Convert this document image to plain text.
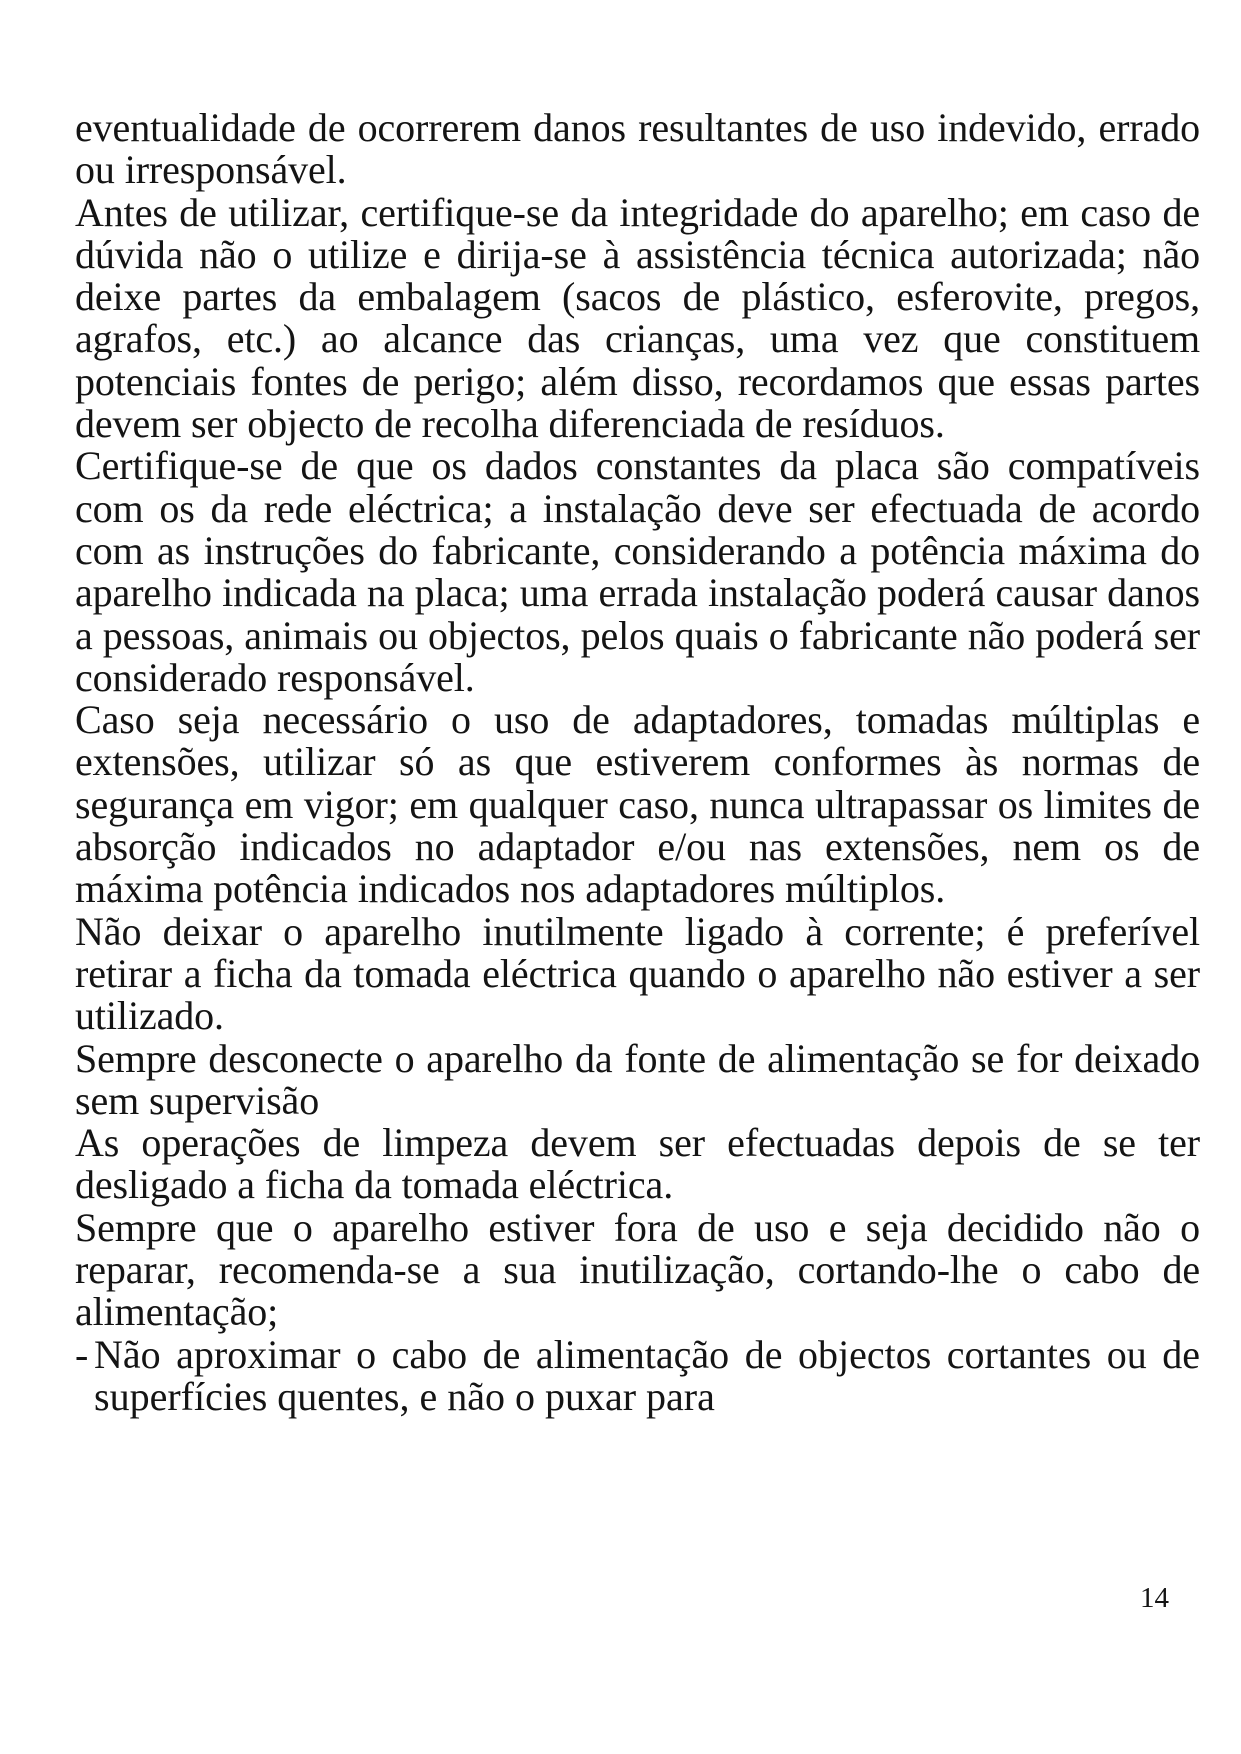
eventualidade de ocorrerem danos resultantes de uso indevido, errado ou irresponsável.

Antes de utilizar, certifique-se da integridade do aparelho; em caso de dúvida não o utilize e dirija-se à assistência técnica autorizada; não deixe partes da embalagem (sacos de plástico, esferovite, pregos, agrafos, etc.) ao alcance das crianças, uma vez que constituem potenciais fontes de perigo; além disso, recordamos que essas partes devem ser objecto de recolha diferenciada de resíduos.

Certifique-se de que os dados constantes da placa são compatíveis com os da rede eléctrica; a instalação deve ser efectuada de acordo com as instruções do fabricante, considerando a potência máxima do aparelho indicada na placa; uma errada instalação poderá causar danos a pessoas, animais ou objectos, pelos quais o fabricante não poderá ser considerado responsável.

Caso seja necessário o uso de adaptadores, tomadas múltiplas e extensões, utilizar só as que estiverem conformes às normas de segurança em vigor; em qualquer caso, nunca ultrapassar os limites de absorção indicados no adaptador e/ou nas extensões, nem os de máxima potência indicados nos adaptadores múltiplos.

Não deixar o aparelho inutilmente ligado à corrente; é preferível retirar a ficha da tomada eléctrica quando o aparelho não estiver a ser utilizado.

Sempre desconecte o aparelho da fonte de alimentação se for deixado sem supervisão

As operações de limpeza devem ser efectuadas depois de se ter desligado a ficha da tomada eléctrica.

Sempre que o aparelho estiver fora de uso e seja decidido não o reparar, recomenda-se a sua inutilização, cortando-lhe o cabo de alimentação;

- Não aproximar o cabo de alimentação de objectos cortantes ou de superfícies quentes, e não o puxar para
14
